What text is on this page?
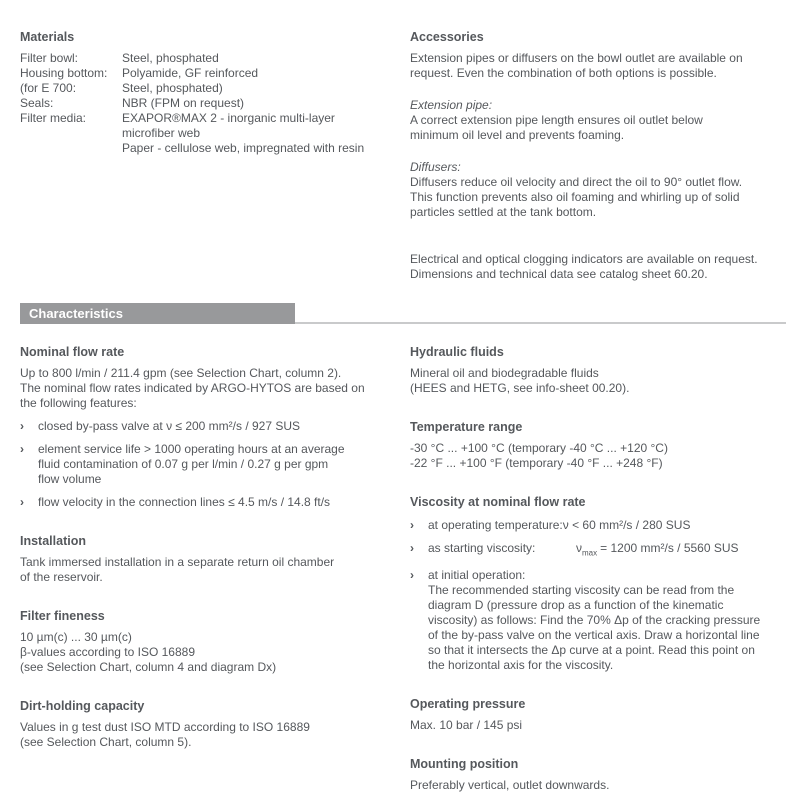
Materials
Filter bowl:	Steel, phosphated
Housing bottom:	Polyamide, GF reinforced
(for E 700:	Steel, phosphated)
Seals:	NBR (FPM on request)
Filter media:	EXAPOR®MAX 2 - inorganic multi-layer
microfiber web
Paper - cellulose web, impregnated with resin
Accessories
Extension pipes or diffusers on the bowl outlet are available on
request. Even the combination of both options is possible.
Extension pipe:
A correct extension pipe length ensures oil outlet below
minimum oil level and prevents foaming.
Diffusers:
Diffusers reduce oil velocity and direct the oil to 90° outlet flow.
This function prevents also oil foaming and whirling up of solid
particles settled at the tank bottom.
Electrical and optical clogging indicators are available on request.
Dimensions and technical data see catalog sheet 60.20.
Characteristics
Nominal flow rate
Up to 800 l/min / 211.4 gpm (see Selection Chart, column 2).
The nominal flow rates indicated by ARGO-HYTOS are based on
the following features:
›	closed by-pass valve at ν ≤ 200 mm²/s / 927 SUS
›	element service life > 1000 operating hours at an average
fluid contamination of 0.07 g per l/min / 0.27 g per gpm
flow volume
›	flow velocity in the connection lines ≤ 4.5 m/s / 14.8 ft/s
Installation
Tank immersed installation in a separate return oil chamber
of the reservoir.
Filter fineness
10 µm(c) ... 30 µm(c)
β-values according to ISO 16889
(see Selection Chart, column 4 and diagram Dx)
Dirt-holding capacity
Values in g test dust ISO MTD according to ISO 16889
(see Selection Chart, column 5).
Hydraulic fluids
Mineral oil and biodegradable fluids
(HEES and HETG, see info-sheet 00.20).
Temperature range
-30 °C ... +100 °C (temporary -40 °C ... +120 °C)
-22 °F ... +100 °F (temporary -40 °F ... +248 °F)
Viscosity at nominal flow rate
›	at operating temperature:ν < 60 mm²/s / 280 SUS
›	as starting viscosity:	$\nu_{max} = 1200$ mm²/s / 5560 SUS
›	at initial operation:
The recommended starting viscosity can be read from the
diagram D (pressure drop as a function of the kinematic
viscosity) as follows: Find the 70% Δp of the cracking pressure
of the by-pass valve on the vertical axis. Draw a horizontal line
so that it intersects the Δp curve at a point. Read this point on
the horizontal axis for the viscosity.
Operating pressure
Max. 10 bar / 145 psi
Mounting position
Preferably vertical, outlet downwards.
